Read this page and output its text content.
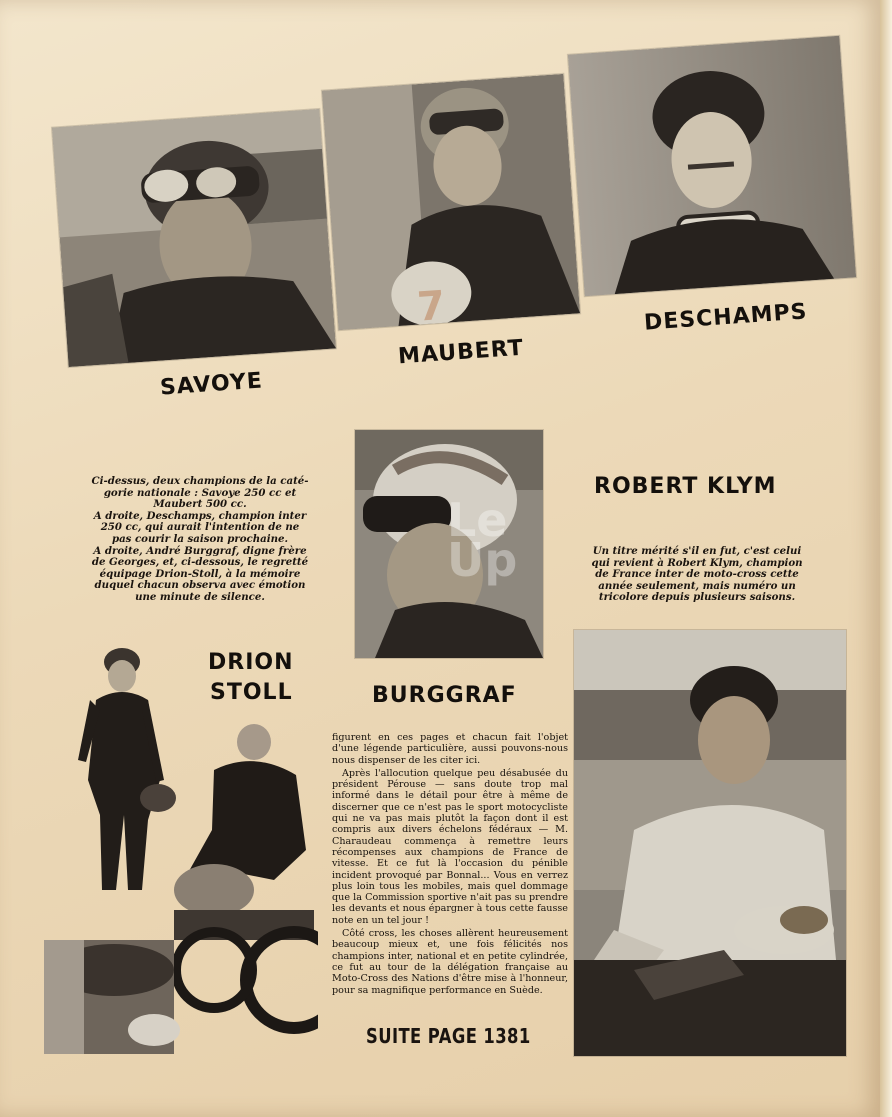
7
SAVOYE
MAUBERT
DESCHAMPS
Ci-dessus, deux champions de la caté-
gorie nationale : Savoye 250 cc et
Maubert 500 cc.
A droite, Deschamps, champion inter
250 cc, qui aurait l'intention de ne
pas courir la saison prochaine.
A droite, André Burggraf, digne frère
de Georges, et, ci-dessous, le regretté
équipage Drion-Stoll, à la mémoire
duquel chacun observa avec émotion
une minute de silence.
Le Up
ROBERT KLYM
Un titre mérité s'il en fut, c'est celui
qui revient à Robert Klym, champion
de France inter de moto-cross cette
année seulement, mais numéro un
tricolore depuis plusieurs saisons.
DRION
STOLL	BURGGRAF

figurent en ces pages et chacun fait l'objet d'une légende particulière, aussi pouvons-nous nous dispenser de les citer ici.

Après l'allocution quelque peu désabusée du président Pérouse — sans doute trop mal informé dans le détail pour être à même de discerner que ce n'est pas le sport motocycliste qui ne va pas mais plutôt la façon dont il est compris aux divers échelons fédéraux — M. Charaudeau commença à remettre leurs récompenses aux champions de France de vitesse. Et ce fut là l'occasion du pénible incident provoqué par Bonnal... Vous en verrez plus loin tous les mobiles, mais quel dommage que la Commission sportive n'ait pas su prendre les devants et nous épargner à tous cette fausse note en un tel jour !

Côté cross, les choses allèrent heureusement beaucoup mieux et, une fois félicités nos champions inter, national et en petite cylindrée, ce fut au tour de la délégation française au Moto-Cross des Nations d'être mise à l'honneur, pour sa magnifique performance en Suède.

SUITE PAGE 1381
